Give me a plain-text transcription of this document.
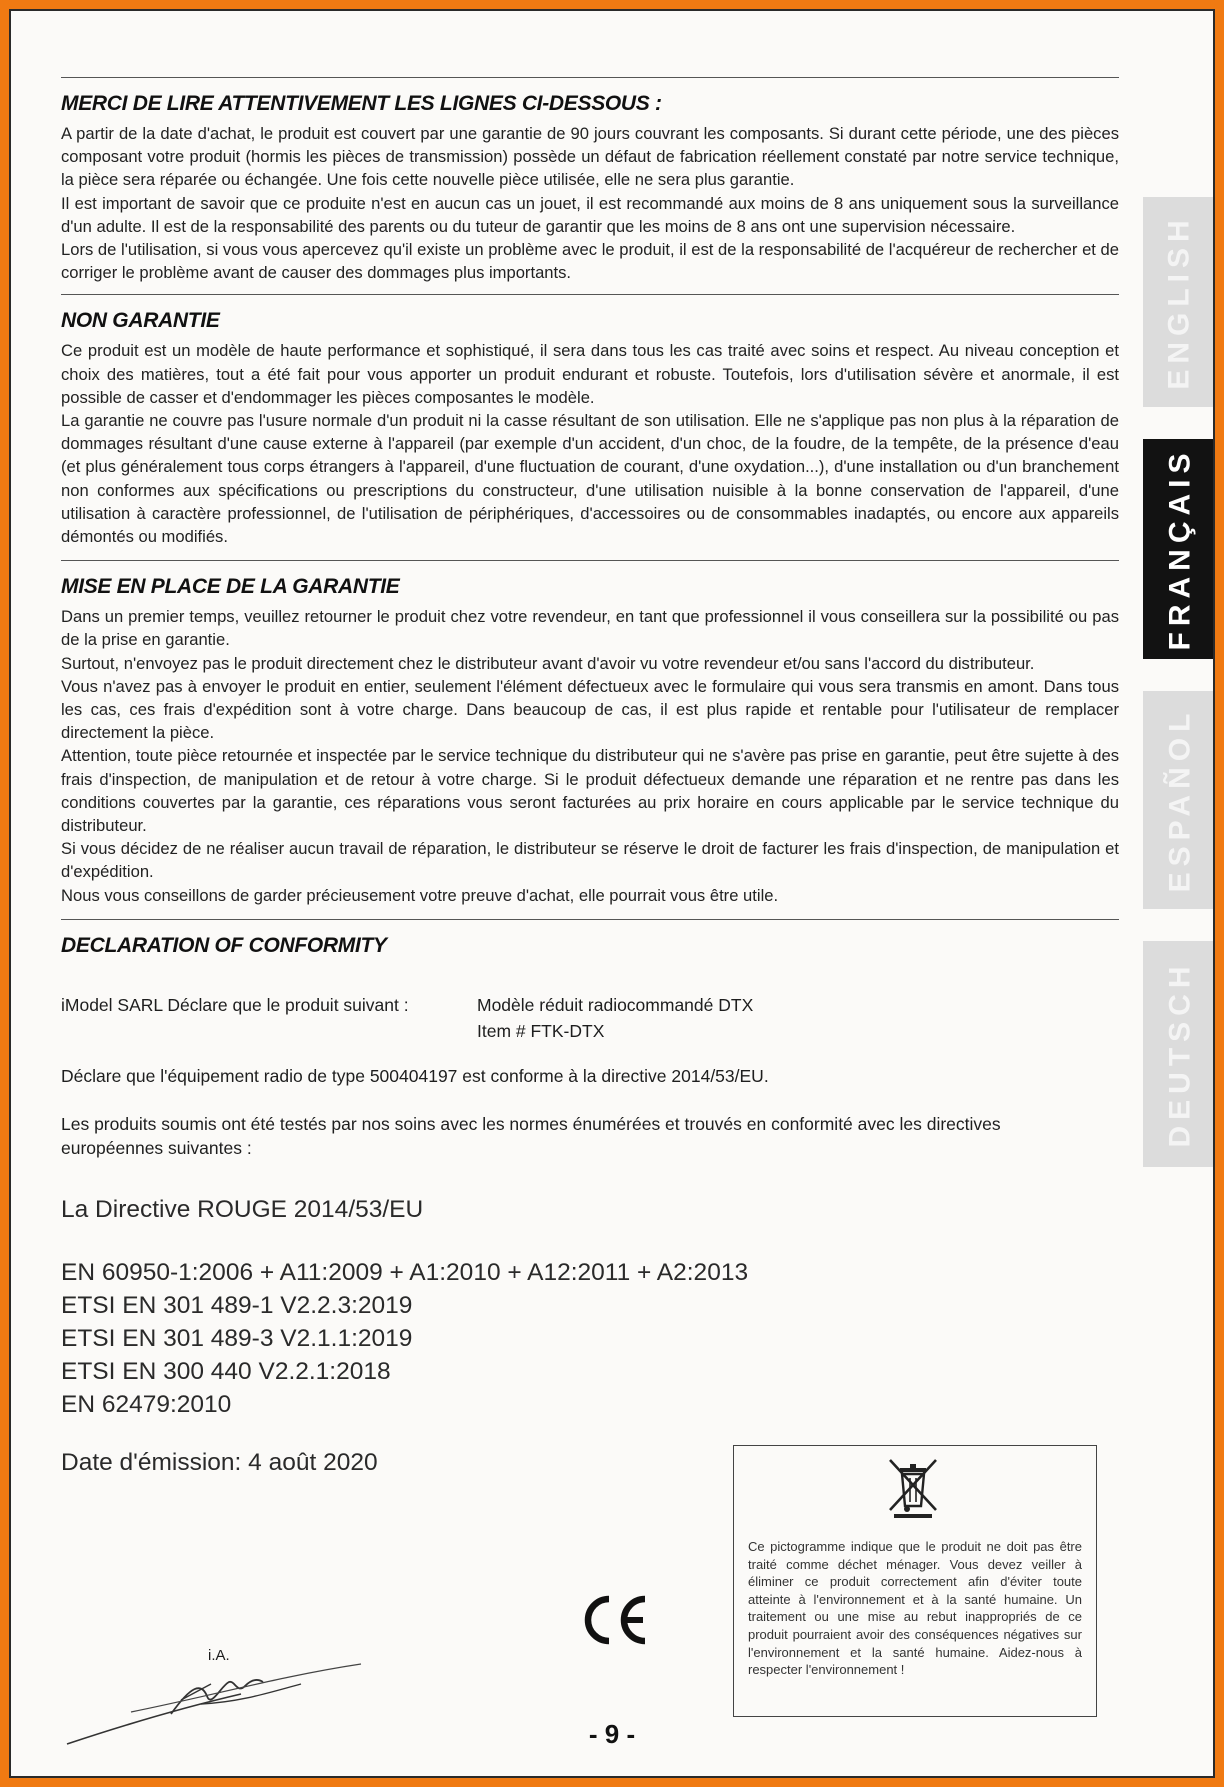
MERCI DE LIRE ATTENTIVEMENT LES LIGNES CI-DESSOUS :

A partir de la date d'achat, le produit est couvert par une garantie de 90 jours couvrant les composants. Si durant cette période, une des pièces composant votre produit (hormis les pièces de transmission) possède un défaut de fabrication réellement constaté par notre service technique, la pièce sera réparée ou échangée. Une fois cette nouvelle pièce utilisée, elle ne sera plus garantie.

Il est important de savoir que ce produite n'est en aucun cas un jouet, il est recommandé aux moins de 8 ans uniquement sous la surveillance d'un adulte. Il est de la responsabilité des parents ou du tuteur de garantir que les moins de 8 ans ont une supervision nécessaire.

Lors de l'utilisation, si vous vous apercevez qu'il existe un problème avec le produit, il est de la responsabilité de l'acquéreur de rechercher et de corriger le problème avant de causer des dommages plus importants.

NON GARANTIE

Ce produit est un modèle de haute performance et sophistiqué, il sera dans tous les cas traité avec soins et respect. Au niveau conception et choix des matières, tout a été fait pour vous apporter un produit endurant et robuste. Toutefois, lors d'utilisation sévère et anormale, il est possible de casser et d'endommager les pièces composantes le modèle.

La garantie ne couvre pas l'usure normale d'un produit ni la casse résultant de son utilisation. Elle ne s'applique pas non plus à la réparation de dommages résultant d'une cause externe à l'appareil (par exemple d'un accident, d'un choc, de la foudre, de la tempête, de la présence d'eau (et plus généralement tous corps étrangers à l'appareil, d'une fluctuation de courant, d'une oxydation...), d'une installation ou d'un branchement non conformes aux spécifications ou prescriptions du constructeur, d'une utilisation nuisible à la bonne conservation de l'appareil, d'une utilisation à caractère professionnel, de l'utilisation de périphériques, d'accessoires ou de consommables inadaptés, ou encore aux appareils démontés ou modifiés.

MISE EN PLACE DE LA GARANTIE

Dans un premier temps, veuillez retourner le produit chez votre revendeur, en tant que professionnel il vous conseillera sur la possibilité ou pas de la prise en garantie.

Surtout, n'envoyez pas le produit directement chez le distributeur avant d'avoir vu votre revendeur et/ou sans l'accord du distributeur.

Vous n'avez pas à envoyer le produit en entier, seulement l'élément défectueux avec le formulaire qui vous sera transmis en amont. Dans tous les cas, ces frais d'expédition sont à votre charge. Dans beaucoup de cas, il est plus rapide et rentable pour l'utilisateur de remplacer directement la pièce.

Attention, toute pièce retournée et inspectée par le service technique du distributeur qui ne s'avère pas prise en garantie, peut être sujette à des frais d'inspection, de manipulation et de retour à votre charge. Si le produit défectueux demande une réparation et ne rentre pas dans les conditions couvertes par la garantie, ces réparations vous seront facturées au prix horaire en cours applicable par le service technique du distributeur.

Si vous décidez de ne réaliser aucun travail de réparation, le distributeur se réserve le droit de facturer les frais d'inspection, de manipulation et d'expédition.

Nous vous conseillons de garder précieusement votre preuve d'achat, elle pourrait vous être utile.

DECLARATION OF CONFORMITY
iModel SARL Déclare que le produit suivant :	Modèle réduit radiocommandé DTX
Item # FTK-DTX

Déclare que l'équipement radio de type 500404197 est conforme à la directive 2014/53/EU.

Les produits soumis ont été testés par nos soins avec les normes énumérées et trouvés en conformité avec les directives européennes suivantes :

La Directive ROUGE 2014/53/EU
EN 60950-1:2006 + A11:2009 + A1:2010 + A12:2011 + A2:2013
ETSI EN 301 489-1 V2.2.3:2019
ETSI EN 301 489-3 V2.1.1:2019
ETSI EN 300 440 V2.2.1:2018
EN 62479:2010
Date d'émission: 4 août 2020
i.A.

Ce pictogramme indique que le produit ne doit pas être traité comme déchet ménager. Vous devez veiller à éliminer ce produit correctement afin d'éviter toute atteinte à l'environnement et à la santé humaine. Un traitement ou une mise au rebut inappropriés de ce produit pourraient avoir des conséquences négatives sur l'environnement et la santé humaine. Aidez-nous à respecter l'environnement !

- 9 -
ENGLISH
FRANÇAIS
ESPAÑOL
DEUTSCH
